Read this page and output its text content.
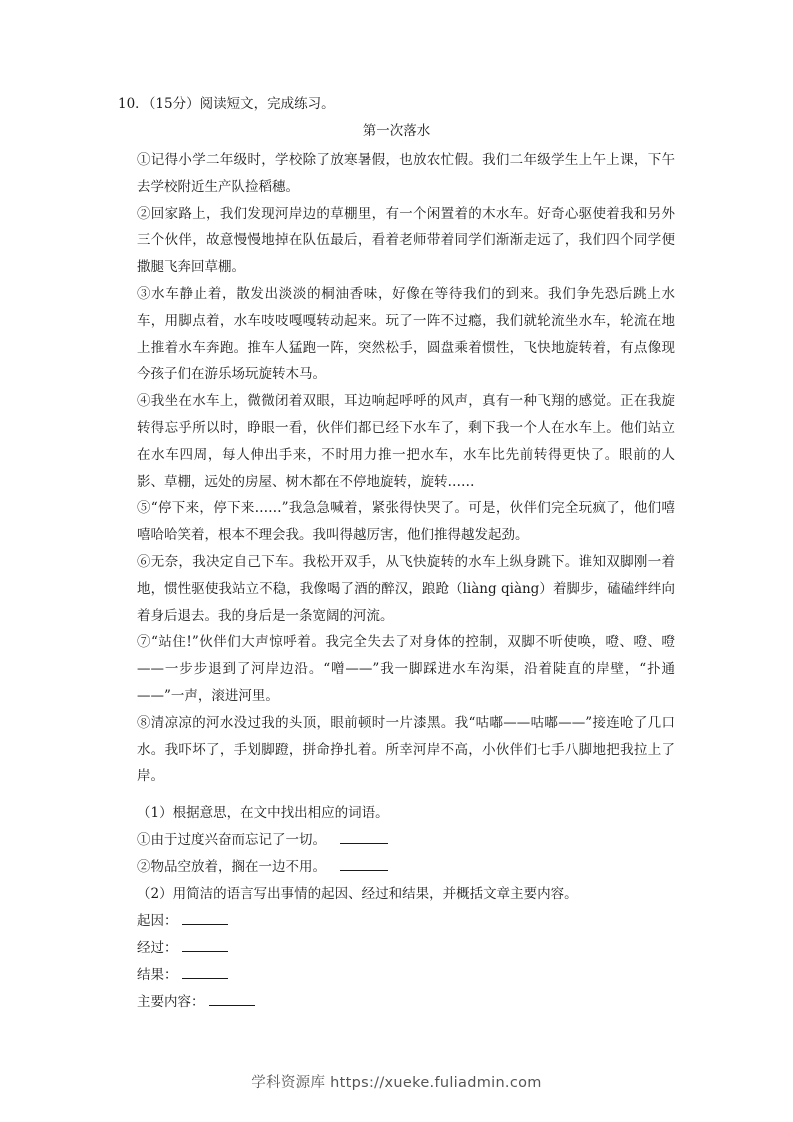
10．（15分）阅读短文，完成练习。
第一次落水

①记得小学二年级时，学校除了放寒暑假，也放农忙假。我们二年级学生上午上课，下午去学校附近生产队捡稻穗。

②回家路上，我们发现河岸边的草棚里，有一个闲置着的木水车。好奇心驱使着我和另外三个伙伴，故意慢慢地掉在队伍最后，看着老师带着同学们渐渐走远了，我们四个同学便撒腿飞奔回草棚。

③水车静止着，散发出淡淡的桐油香味，好像在等待我们的到来。我们争先恐后跳上水车，用脚点着，水车吱吱嘎嘎转动起来。玩了一阵不过瘾，我们就轮流坐水车，轮流在地上推着水车奔跑。推车人猛跑一阵，突然松手，圆盘乘着惯性，飞快地旋转着，有点像现今孩子们在游乐场玩旋转木马。

④我坐在水车上，微微闭着双眼，耳边响起呼呼的风声，真有一种飞翔的感觉。正在我旋转得忘乎所以时，睁眼一看，伙伴们都已经下水车了，剩下我一个人在水车上。他们站立在水车四周，每人伸出手来，不时用力推一把水车，水车比先前转得更快了。眼前的人影、草棚，远处的房屋、树木都在不停地旋转，旋转……

⑤“停下来，停下来……”我急急喊着，紧张得快哭了。可是，伙伴们完全玩疯了，他们嘻嘻哈哈笑着，根本不理会我。我叫得越厉害，他们推得越发起劲。

⑥无奈，我决定自己下车。我松开双手，从飞快旋转的水车上纵身跳下。谁知双脚刚一着地，惯性驱使我站立不稳，我像喝了酒的醉汉，踉跄（liàng qiàng）着脚步，磕磕绊绊向着身后退去。我的身后是一条宽阔的河流。

⑦“站住!”伙伴们大声惊呼着。我完全失去了对身体的控制，双脚不听使唤，噔、噔、噔——一步步退到了河岸边沿。“噌——”我一脚踩进水车沟渠，沿着陡直的岸壁，“扑通——”一声，滚进河里。

⑧清凉凉的河水没过我的头顶，眼前顿时一片漆黑。我“咕嘟——咕嘟——”接连呛了几口水。我吓坏了，手划脚蹬，拼命挣扎着。所幸河岸不高，小伙伴们七手八脚地把我拉上了岸。

（1）根据意思，在文中找出相应的词语。
①由于过度兴奋而忘记了一切。
②物品空放着，搁在一边不用。
（2）用简洁的语言写出事情的起因、经过和结果，并概括文章主要内容。
起因：
经过：
结果：
主要内容：
学科资源库 https://xueke.fuliadmin.com
